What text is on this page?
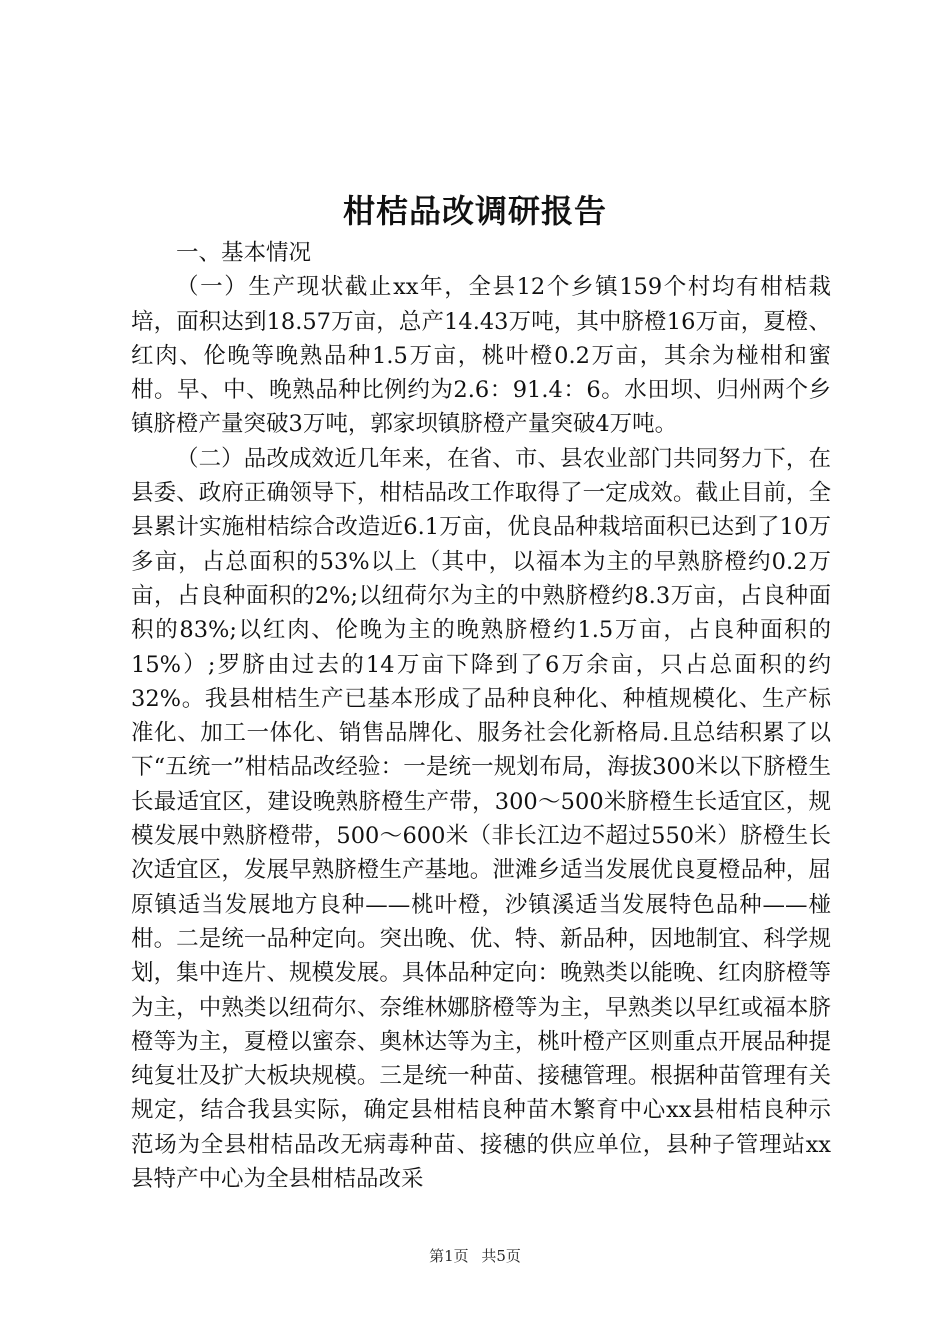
柑桔品改调研报告

一、基本情况

（一）生产现状截止xx年，全县12个乡镇159个村均有柑桔栽培，面积达到18.57万亩，总产14.43万吨，其中脐橙16万亩，夏橙、红肉、伦晚等晚熟品种1.5万亩，桃叶橙0.2万亩，其余为椪柑和蜜柑。早、中、晚熟品种比例约为2.6：91.4：6。水田坝、归州两个乡镇脐橙产量突破3万吨，郭家坝镇脐橙产量突破4万吨。

（二）品改成效近几年来，在省、市、县农业部门共同努力下，在县委、政府正确领导下，柑桔品改工作取得了一定成效。截止目前，全县累计实施柑桔综合改造近6.1万亩，优良品种栽培面积已达到了10万多亩，占总面积的53%以上（其中，以福本为主的早熟脐橙约0.2万亩，占良种面积的2%;以纽荷尔为主的中熟脐橙约8.3万亩，占良种面积的83%;以红肉、伦晚为主的晚熟脐橙约1.5万亩，占良种面积的15%）;罗脐由过去的14万亩下降到了6万余亩，只占总面积的约32%。我县柑桔生产已基本形成了品种良种化、种植规模化、生产标准化、加工一体化、销售品牌化、服务社会化新格局.且总结积累了以下“五统一”柑桔品改经验：一是统一规划布局，海拔300米以下脐橙生长最适宜区，建设晚熟脐橙生产带，300～500米脐橙生长适宜区，规模发展中熟脐橙带，500～600米（非长江边不超过550米）脐橙生长次适宜区，发展早熟脐橙生产基地。泄滩乡适当发展优良夏橙品种，屈原镇适当发展地方良种——桃叶橙，沙镇溪适当发展特色品种——椪柑。二是统一品种定向。突出晚、优、特、新品种，因地制宜、科学规划，集中连片、规模发展。具体品种定向：晚熟类以能晚、红肉脐橙等为主，中熟类以纽荷尔、奈维林娜脐橙等为主，早熟类以早红或福本脐橙等为主，夏橙以蜜奈、奥林达等为主，桃叶橙产区则重点开展品种提纯复壮及扩大板块规模。三是统一种苗、接穗管理。根据种苗管理有关规定，结合我县实际，确定县柑桔良种苗木繁育中心xx县柑桔良种示范场为全县柑桔品改无病毒种苗、接穗的供应单位，县种子管理站xx县特产中心为全县柑桔品改采

第1页 共5页
